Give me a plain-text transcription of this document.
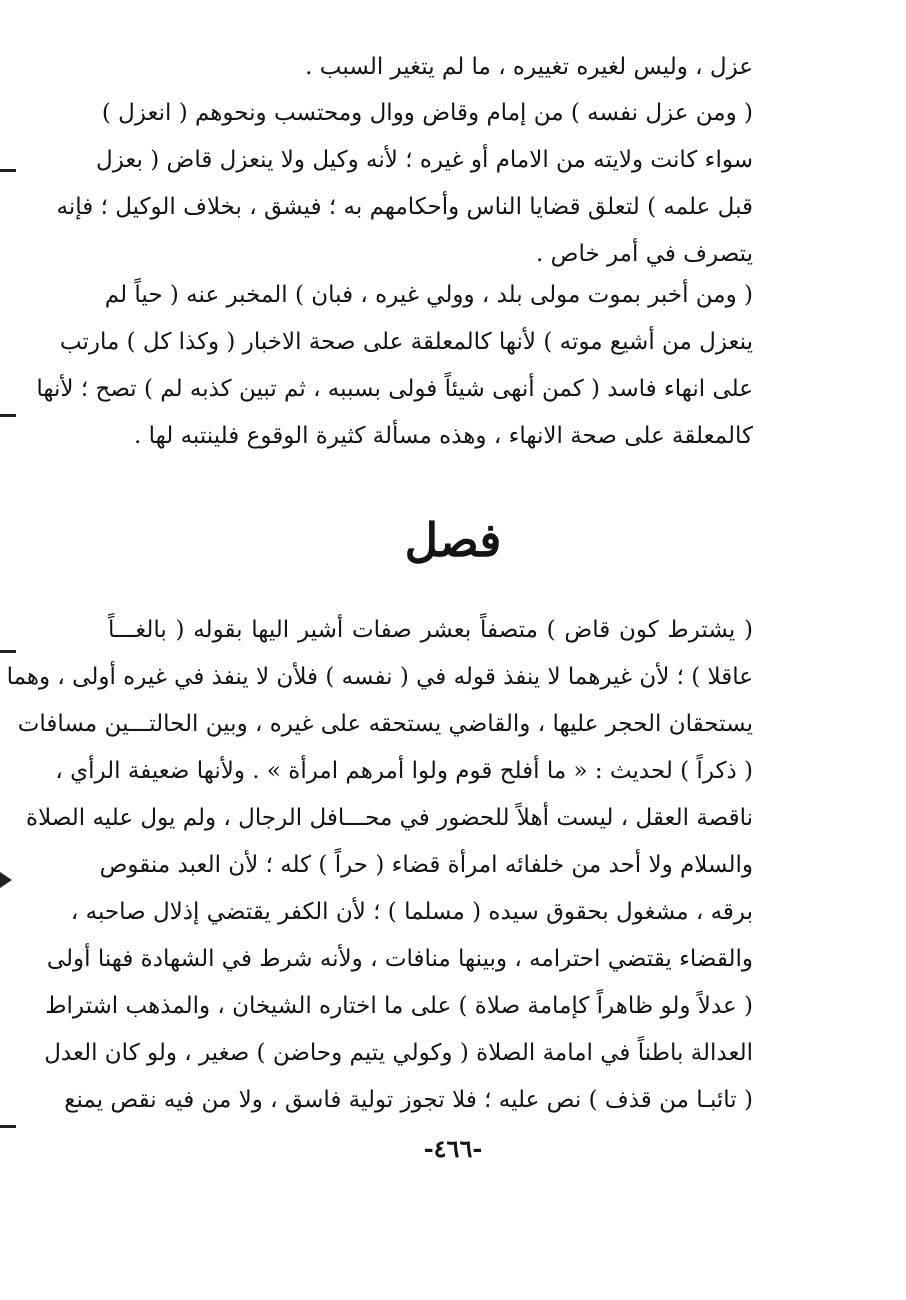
عزل ، وليس لغيره تغييره ، ما لم يتغير السبب .
( ومن عزل نفسه ) من إمام وقاض ووال ومحتسب ونحوهم ( انعزل )
سواء كانت ولايته من الامام أو غيره ؛ لأنه وكيل ولا ينعزل قاض ( بعزل
قبل علمه ) لتعلق قضايا الناس وأحكامهم به ؛ فيشق ، بخلاف الوكيل ؛ فإنه
يتصرف في أمر خاص .
( ومن أخبر بموت مولى بلد ، وولي غيره ، فبان ) المخبر عنه ( حياً لم
ينعزل من أشيع موته ) لأنها كالمعلقة على صحة الاخبار ( وكذا كل ) مارتب
على انهاء فاسد ( كمن أنهى شيئاً فولى بسببه ، ثم تبين كذبه لم ) تصح ؛ لأنها
كالمعلقة على صحة الانهاء ، وهذه مسألة كثيرة الوقوع فلينتبه لها .
فصل
( يشترط كون قاض ) متصفاً بعشر صفات أشير اليها بقوله ( بالغـــاً
عاقلا ) ؛ لأن غيرهما لا ينفذ قوله في ( نفسه ) فلأن لا ينفذ في غيره أولى ، وهما
يستحقان الحجر عليها ، والقاضي يستحقه على غيره ، وبين الحالتـــين مسافات
( ذكراً ) لحديث : « ما أفلح قوم ولوا أمرهم امرأة » . ولأنها ضعيفة الرأي ،
ناقصة العقل ، ليست أهلاً للحضور في محـــافل الرجال ، ولم يول عليه الصلاة
والسلام ولا أحد من خلفائه امرأة قضاء ( حراً ) كله ؛ لأن العبد منقوص
برقه ، مشغول بحقوق سيده ( مسلما ) ؛ لأن الكفر يقتضي إذلال صاحبه ،
والقضاء يقتضي احترامه ، وبينها منافات ، ولأنه شرط في الشهادة فهنا أولى
( عدلاً ولو ظاهراً كإمامة صلاة ) على ما اختاره الشيخان ، والمذهب اشتراط
العدالة باطناً في امامة الصلاة ( وكولي يتيم وحاضن ) صغير ، ولو كان العدل
( تائبـا من قذف ) نص عليه ؛ فلا تجوز تولية فاسق ، ولا من فيه نقص يمنع
-٤٦٦-
